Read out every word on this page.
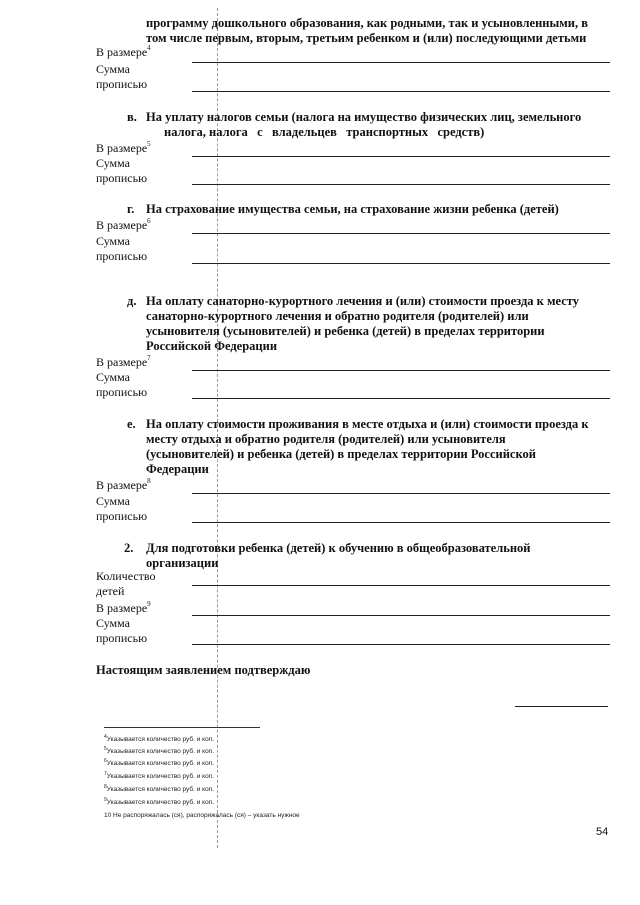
программу дошкольного образования, как родными, так и усыновленными, в
том числе первым, вторым, третьим ребенком и (или) последующими детьми
В размере$^4$
Сумма
прописью
в. На уплату налогов семьи (налога на имущество физических лиц, земельного
налога, налога   с   владельцев   транспортных   средств)
В размере$^5$
Сумма
прописью
г. На страхование имущества семьи, на страхование жизни ребенка (детей)
В размере$^6$
Сумма
прописью
д. На оплату санаторно-курортного лечения и (или) стоимости проезда к месту
санаторно-курортного лечения и обратно родителя (родителей) или
усыновителя (усыновителей) и ребенка (детей) в пределах территории
Российской Федерации
В размере$^7$
Сумма
прописью
е. На оплату стоимости проживания в месте отдыха и (или) стоимости проезда к
месту отдыха и обратно родителя (родителей) или усыновителя
(усыновителей) и ребенка (детей) в пределах территории Российской
Федерации
В размере$^8$
Сумма
прописью
2. Для подготовки ребенка (детей) к обучению в общеобразовательной
организации
Количество
детей
В размере$^9$
Сумма
прописью
Настоящим заявлением подтверждаю
$^4$Указывается количество руб. и коп.
$^5$Указывается количество руб. и коп.
$^6$Указывается количество руб. и коп.
$^7$Указывается количество руб. и коп.
$^8$Указывается количество руб. и коп.
$^9$Указывается количество руб. и коп.
10 Не распоряжалась (ся), распоряжалась (ся) – указать нужное
54
